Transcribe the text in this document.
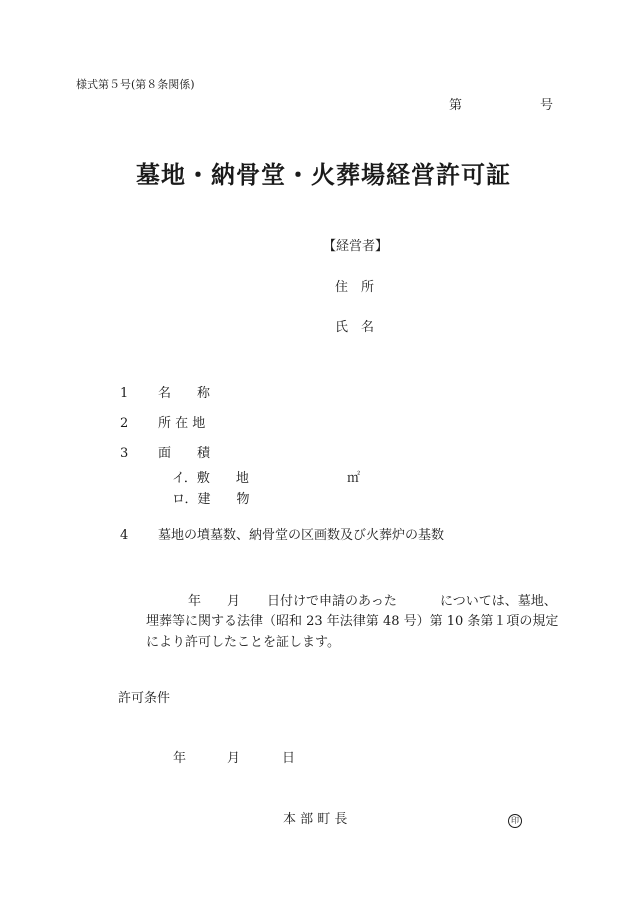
様式第５号(第８条関係)
第	号
墓地・納骨堂・火葬場経営許可証
【経営者】
住　所
氏　名
1 名　　称
2 所 在 地
3 面　　積
イ．敷　　地	㎡
ロ．建　　物
4 墓地の墳墓数、納骨堂の区画数及び火葬炉の基数
年 月 日付けで申請のあった	については、墓地、
埋葬等に関する法律（昭和 23 年法律第 48 号）第 10 条第１項の規定
により許可したことを証します。
許可条件
年	月	日
本 部 町 長	印
